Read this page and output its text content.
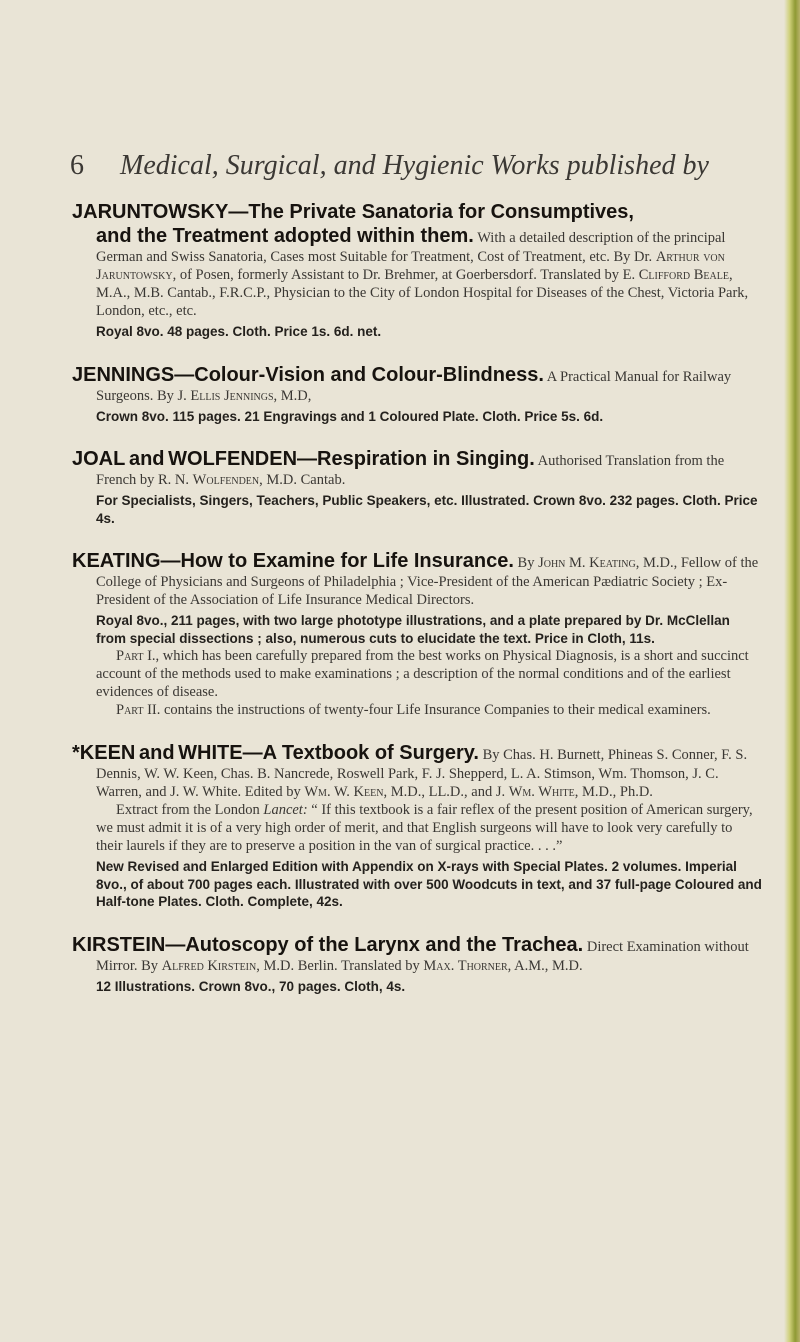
6 Medical, Surgical, and Hygienic Works published by
JARUNTOWSKY—The Private Sanatoria for Consumptives,
and the Treatment adopted within them. With a detailed description of the principal German and Swiss Sanatoria, Cases most Suitable for Treatment, Cost of Treatment, etc. By Dr. Arthur von Jaruntowsky, of Posen, formerly Assistant to Dr. Brehmer, at Goerbersdorf. Translated by E. Clifford Beale, M.A., M.B. Cantab., F.R.C.P., Physician to the City of London Hospital for Diseases of the Chest, Victoria Park, London, etc., etc.
Royal 8vo. 48 pages. Cloth. Price 1s. 6d. net.
JENNINGS—Colour-Vision and Colour-Blindness. A Practical Manual for Railway Surgeons. By J. Ellis Jennings, M.D,
Crown 8vo. 115 pages. 21 Engravings and 1 Coloured Plate. Cloth. Price 5s. 6d.
JOAL and WOLFENDEN—Respiration in Singing. Authorised Translation from the French by R. N. Wolfenden, M.D. Cantab.
For Specialists, Singers, Teachers, Public Speakers, etc. Illustrated. Crown 8vo. 232 pages. Cloth. Price 4s.
KEATING—How to Examine for Life Insurance. By John M. Keating, M.D., Fellow of the College of Physicians and Surgeons of Philadelphia ; Vice-President of the American Pædiatric Society ; Ex-President of the Association of Life Insurance Medical Directors.
Royal 8vo., 211 pages, with two large phototype illustrations, and a plate prepared by Dr. McClellan from special dissections ; also, numerous cuts to elucidate the text. Price in Cloth, 11s.
Part I., which has been carefully prepared from the best works on Physical Diagnosis, is a short and succinct account of the methods used to make examinations ; a description of the normal conditions and of the earliest evidences of disease.
Part II. contains the instructions of twenty-four Life Insurance Companies to their medical examiners.
*KEEN and WHITE—A Textbook of Surgery. By Chas. H. Burnett, Phineas S. Conner, F. S. Dennis, W. W. Keen, Chas. B. Nancrede, Roswell Park, F. J. Shepperd, L. A. Stimson, Wm. Thomson, J. C. Warren, and J. W. White. Edited by Wm. W. Keen, M.D., LL.D., and J. Wm. White, M.D., Ph.D.
Extract from the London Lancet: “ If this textbook is a fair reflex of the present position of American surgery, we must admit it is of a very high order of merit, and that English surgeons will have to look very carefully to their laurels if they are to preserve a position in the van of surgical practice. . . .”
New Revised and Enlarged Edition with Appendix on X-rays with Special Plates. 2 volumes. Imperial 8vo., of about 700 pages each. Illustrated with over 500 Woodcuts in text, and 37 full-page Coloured and Half-tone Plates. Cloth. Complete, 42s.
KIRSTEIN—Autoscopy of the Larynx and the Trachea. Direct Examination without Mirror. By Alfred Kirstein, M.D. Berlin. Translated by Max. Thorner, A.M., M.D.
12 Illustrations. Crown 8vo., 70 pages. Cloth, 4s.
